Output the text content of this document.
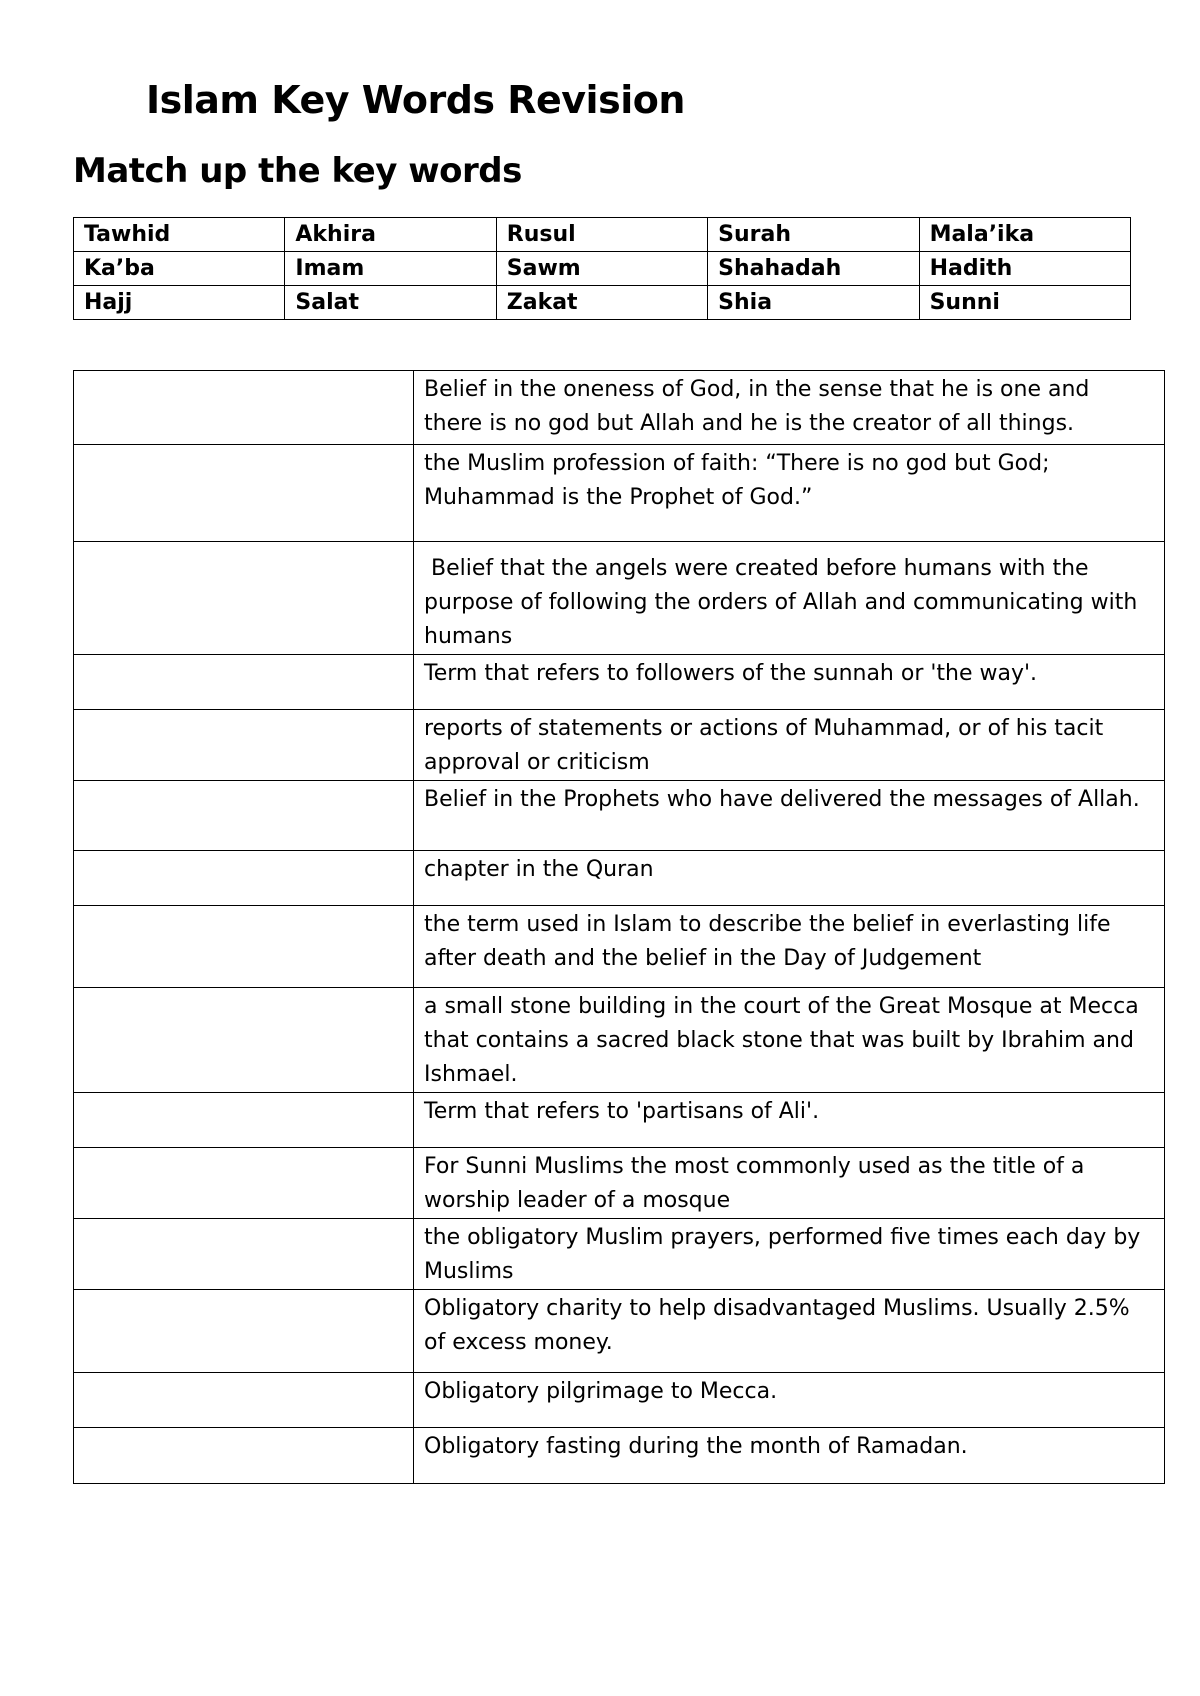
Islam Key Words Revision
Match up the key words
Tawhid	Akhira	Rusul	Surah	Mala’ika
Ka’ba	Imam	Sawm	Shahadah	Hadith
Hajj	Salat	Zakat	Shia	Sunni
	Belief in the oneness of God, in the sense that he is one and there is no god but Allah and he is the creator of all things.
	the Muslim profession of faith: “There is no god but God; Muhammad is the Prophet of God.”
	Belief that the angels were created before humans with the purpose of following the orders of Allah and communicating with humans
	Term that refers to followers of the sunnah or 'the way'.
	reports of statements or actions of Muhammad, or of his tacit approval or criticism
	Belief in the Prophets who have delivered the messages of Allah.
	chapter in the Quran
	the term used in Islam to describe the belief in everlasting life after death and the belief in the Day of Judgement
	a small stone building in the court of the Great Mosque at Mecca that contains a sacred black stone that was built by Ibrahim and Ishmael.
	Term that refers to 'partisans of Ali'.
	For Sunni Muslims the most commonly used as the title of a worship leader of a mosque
	the obligatory Muslim prayers, performed five times each day by Muslims
	Obligatory charity to help disadvantaged Muslims. Usually 2.5% of excess money.
	Obligatory pilgrimage to Mecca.
	Obligatory fasting during the month of Ramadan.
